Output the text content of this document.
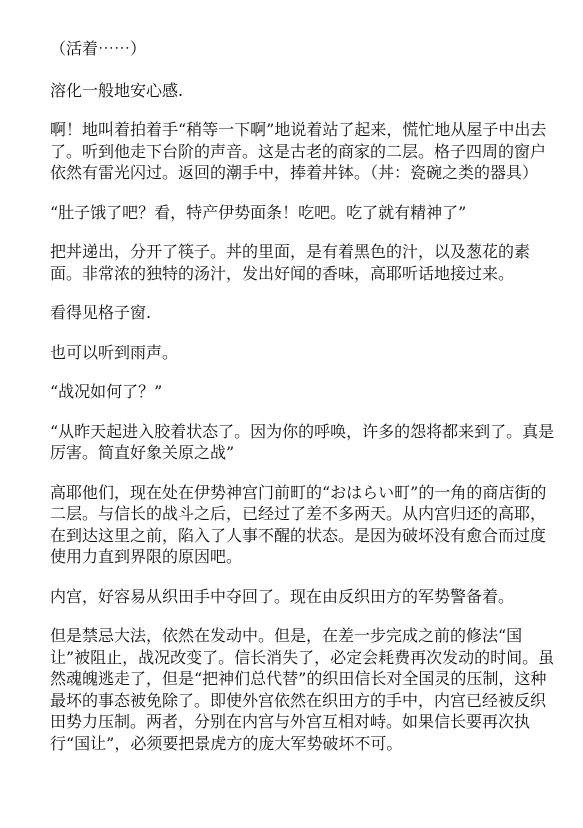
（活着⋯⋯）

溶化一般地安心感.

啊！地叫着拍着手“稍等一下啊”地说着站了起来，慌忙地从屋子中出去了。听到他走下台阶的声音。这是古老的商家的二层。格子四周的窗户依然有雷光闪过。返回的潮手中，捧着丼钵。（丼：瓷碗之类的器具）

“肚子饿了吧？看，特产伊势面条！吃吧。吃了就有精神了”

把丼递出，分开了筷子。丼的里面，是有着黑色的汁，以及葱花的素面。非常浓的独特的汤汁，发出好闻的香味，高耶听话地接过来。

看得见格子窗.

也可以听到雨声。

“战况如何了？”

“从昨天起进入胶着状态了。因为你的呼唤，许多的怨将都来到了。真是厉害。简直好象关原之战”

高耶他们，现在处在伊势神宫门前町的“おはらい町”的一角的商店街的二层。与信长的战斗之后，已经过了差不多两天。从内宫归还的高耶，在到达这里之前，陷入了人事不醒的状态。是因为破坏没有愈合而过度使用力直到界限的原因吧。

内宫，好容易从织田手中夺回了。现在由反织田方的军势警备着。

但是禁忌大法，依然在发动中。但是，在差一步完成之前的修法“国让”被阻止，战况改变了。信长消失了，必定会耗费再次发动的时间。虽然魂魄逃走了，但是“把神们总代替”的织田信长对全国灵的压制，这种最坏的事态被免除了。即使外宫依然在织田方的手中，内宫已经被反织田势力压制。两者，分别在内宫与外宫互相对峙。如果信长要再次执行“国让”，必须要把景虎方的庞大军势破坏不可。
